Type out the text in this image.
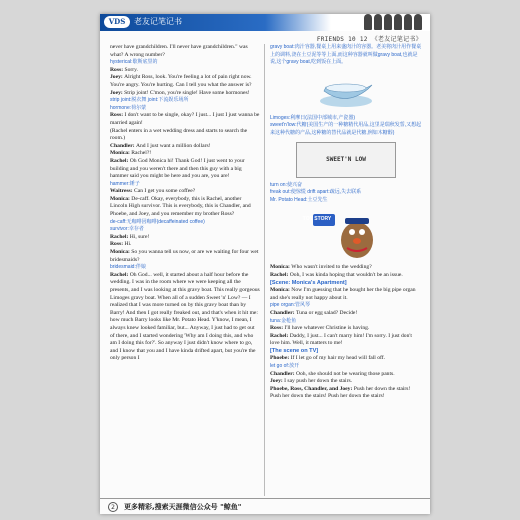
VDS	老友记笔记书
FRIENDS 10 12 《老友记笔记书》

never have grandchildren. I'll never have grandchildren." was what? A wrong number?

hysterical:歇斯底里的

Ross: Sorry.

Joey: Alright Ross, look. You're feeling a lot of pain right now. You're angry. You're hurting. Can I tell you what the answer is?

Joey: Strip joint! C'mon, you're single! Have some hormones!

strip joint:脱衣舞 joint:下流娱乐场所

hormone:荷尔蒙

Ross: I don't want to be single, okay? I just... I just I just wanna be married again!

(Rachel enters in a wet wedding dress and starts to search the room.)

Chandler: And I just want a million dollars!

Monica: Rachel?!

Rachel: Oh God Monica hi! Thank God! I just went to your building and you weren't there and then this guy with a big hammer said you might be here and you are, you are!

hammer:锤子

Waitress: Can I get you some coffee?

Monica: De-caff. Okay, everybody, this is Rachel, another Lincoln High survivor. This is everybody, this is Chandler, and Phoebe, and Joey, and you remember my brother Ross?

de-caff:无咖啡因咖啡(decaffeinated coffee)

survivor:幸存者

Rachel: Hi, sure!

Ross: Hi.

Monica: So you wanna tell us now, or are we waiting for four wet bridesmaids?

bridesmaid:伴娘

Rachel: Oh God... well, it started about a half hour before the wedding. I was in the room where we were keeping all the presents, and I was looking at this gravy boat. This really gorgeous Limoges gravy boat. When all of a sudden Sweet 'n' Low? — I realized that I was more turned on by this gravy boat than by Barry! And then I got really freaked out, and that's when it hit me: how much Barry looks like Mr. Potato Head. Y'know, I mean, I always knew looked familiar, but... Anyway, I just had to get out of there, and I started wondering 'Why am I doing this, and who am I doing this for?'. So anyway I just didn't know where to go, and I know that you and I have kinda drifted apart, but you're the only person I

gravy boat:肉汁容器,餐桌上用来盛肉汁的容器。老美将肉汁用作餐桌上的调料,浇在土豆泥等等上面,而这种容器就叫做gravy boat,也就是说,这个gravy boat,吃到饭在上面。

Limoges:利摩日(法国中部城市,产瓷器)

sweet'n'low:代糖(美国生产的一种糖精代用品,这里是瑞秋发誓,又想起来这种代糖的产品,这种糖的替代品就是代糖,例如木糖醇)

SWEET'N LOW

turn on:使兴奋

freak out:使惊慌 drift apart:疏远,失去联系

Mr. Potato Head:土豆先生

TOY STORY

Monica: Who wasn't invited to the wedding?

Rachel: Ooh, I was kinda hoping that wouldn't be an issue.

[Scene: Monica's Apartment]

Monica: Now I'm guessing that he bought her the big pipe organ and she's really not happy about it.

pipe organ:管风琴

Chandler: Tuna or egg salad? Decide!

tuna:金枪鱼

Ross: I'll have whatever Christine is having.

Rachel: Daddy, I just... I can't marry him! I'm sorry. I just don't love him. Well, it matters to me!

[The scene on TV]

Phoebe: If I let go of my hair my head will fall off.

let go of:放开

Chandler: Ooh, she should not be wearing those pants.

Joey: I say push her down the stairs.

Phoebe, Ross, Chandler, and Joey: Push her down the stairs! Push her down the stairs! Push her down the stairs!

2	更多精彩,搜索天涯微信公众号 "鲸鱼"
